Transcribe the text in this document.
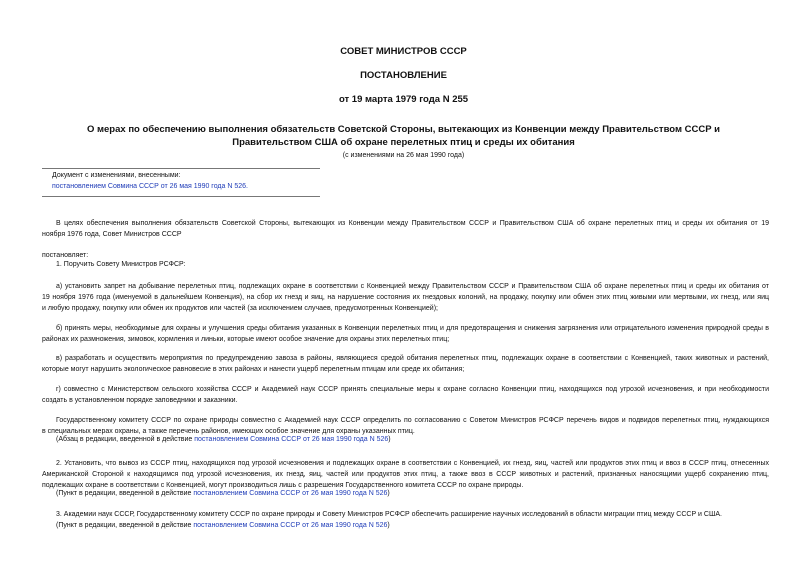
СОВЕТ МИНИСТРОВ СССР
ПОСТАНОВЛЕНИЕ
от 19 марта 1979 года N 255
О мерах по обеспечению выполнения обязательств Советской Стороны, вытекающих из Конвенции между Правительством СССР и Правительством США об охране перелетных птиц и среды их обитания
(с изменениями на 26 мая 1990 года)
Документ с изменениями, внесенными:
постановлением Совмина СССР от 26 мая 1990 года N 526.
В целях обеспечения выполнения обязательств Советской Стороны, вытекающих из Конвенции между Правительством СССР и Правительством США об охране перелетных птиц и среды их обитания от 19
ноября 1976 года, Совет Министров СССР
постановляет:
1. Поручить Совету Министров РСФСР:
а) установить запрет на добывание перелетных птиц, подлежащих охране в соответствии с Конвенцией между Правительством СССР и Правительством США об охране перелетных птиц и среды их обитания от
19 ноября 1976 года (именуемой в дальнейшем Конвенция), на сбор их гнезд и яиц, на нарушение состояния их гнездовых колоний, на продажу, покупку или обмен этих птиц живыми или мертвыми, их гнезд, или яиц
и любую продажу, покупку или обмен их продуктов или частей (за исключением случаев, предусмотренных Конвенцией);
б) принять меры, необходимые для охраны и улучшения среды обитания указанных в Конвенции перелетных птиц и для предотвращения и снижения загрязнения или отрицательного изменения природной среды в
районах их размножения, зимовок, кормления и линьки, которые имеют особое значение для охраны этих перелетных птиц;
в) разработать и осуществить мероприятия по предупреждению завоза в районы, являющиеся средой обитания перелетных птиц, подлежащих охране в соответствии с Конвенцией, таких животных и растений,
которые могут нарушить экологическое равновесие в этих районах и нанести ущерб перелетным птицам или среде их обитания;
г) совместно с Министерством сельского хозяйства СССР и Академией наук СССР принять специальные меры к охране согласно Конвенции птиц, находящихся под угрозой исчезновения, и при необходимости
создать в установленном порядке заповедники и заказники.
Государственному комитету СССР по охране природы совместно с Академией наук СССР определить по согласованию с Советом Министров РСФСР перечень видов и подвидов перелетных птиц, нуждающихся
в специальных мерах охраны, а также перечень районов, имеющих особое значение для охраны указанных птиц.
(Абзац в редакции, введенной в действие постановлением Совмина СССР от 26 мая 1990 года N 526)
2. Установить, что вывоз из СССР птиц, находящихся под угрозой исчезновения и подлежащих охране в соответствии с Конвенцией, их гнезд, яиц, частей или продуктов этих птиц и ввоз в СССР птиц, отнесенных
Американской Стороной к находящимся под угрозой исчезновения, их гнезд, яиц, частей или продуктов этих птиц, а также ввоз в СССР животных и растений, признанных наносящими ущерб сохранению птиц,
подлежащих охране в соответствии с Конвенцией, могут производиться лишь с разрешения Государственного комитета СССР по охране природы.
(Пункт в редакции, введенной в действие постановлением Совмина СССР от 26 мая 1990 года N 526)
3. Академии наук СССР, Государственному комитету СССР по охране природы и Совету Министров РСФСР обеспечить расширение научных исследований в области миграции птиц между СССР и США.
(Пункт в редакции, введенной в действие постановлением Совмина СССР от 26 мая 1990 года N 526)
